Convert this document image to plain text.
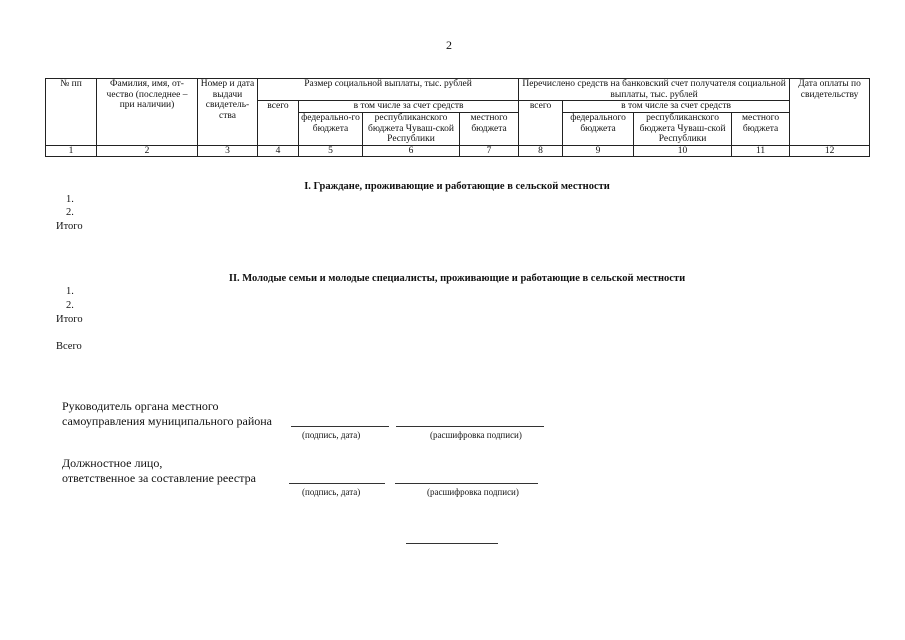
2
№ пп	Фамилия, имя, от-чество (последнее – при наличии)	Номер и дата выдачи свидетель-ства	Размер социальной выплаты, тыс. рублей				Перечислено средств на банковский счет получателя социальной выплаты, тыс. рублей				Дата оплаты по свидетельству
			всего	в том числе за счет средств			всего	в том числе за счет средств			
				федерально-го бюджета	республиканского бюджета Чуваш-ской Республики	местного бюджета		федерального бюджета	республиканского бюджета Чуваш-ской Республики	местного бюджета	
1	2	3	4	5	6	7	8	9	10	11	12
I. Граждане, проживающие и работающие в сельской местности
1.
2.
Итого
II. Молодые семьи и молодые специалисты, проживающие и работающие в сельской местности
1.
2.
Итого
Всего
Руководитель органа местного
самоуправления муниципального района
(подпись, дата)	(расшифровка подписи)
Должностное лицо,
ответственное за составление реестра
(подпись, дата)	(расшифровка подписи)
